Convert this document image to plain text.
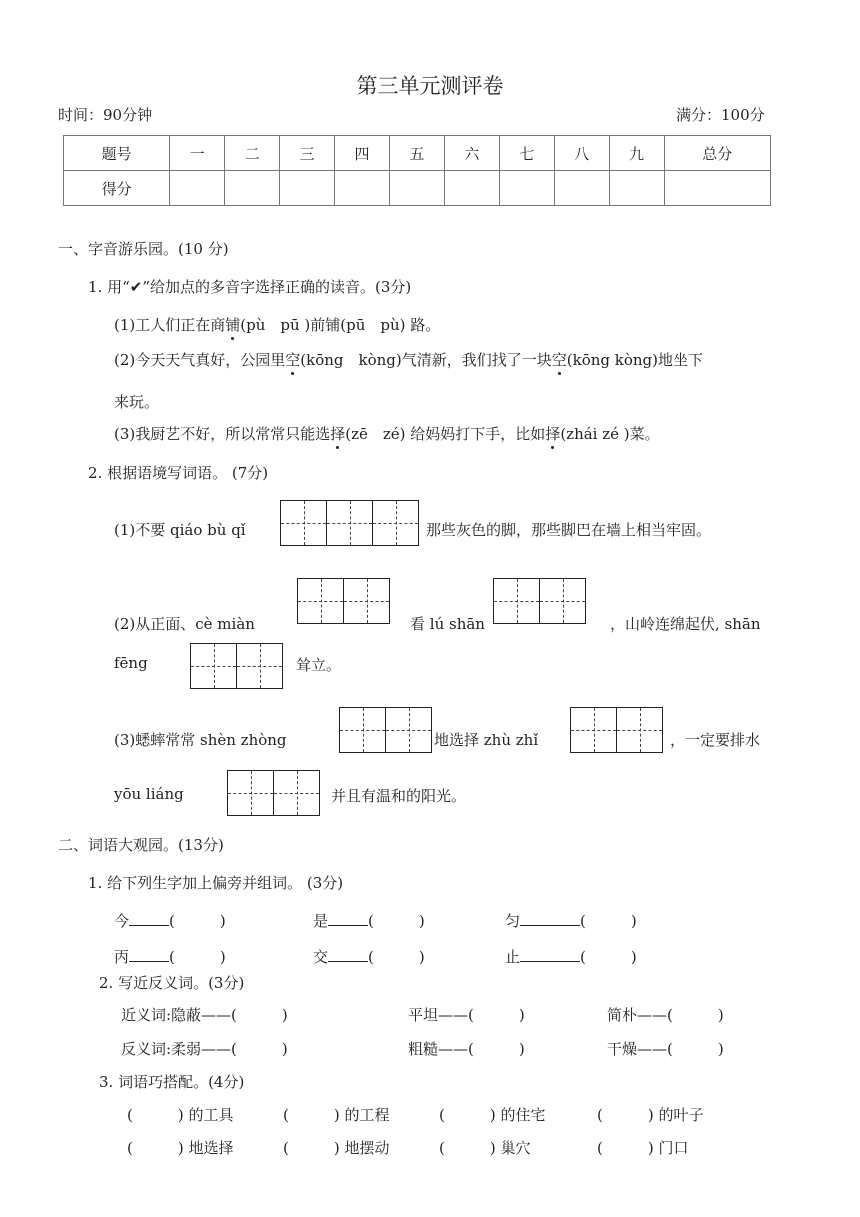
第三单元测评卷
时间：90分钟	满分：100分
题号	一	二	三	四	五	六	七	八	九	总分
得分										
一、字音游乐园。(10 分)
1. 用“✔”给加点的多音字选择正确的读音。(3分)
(1)工人们正在商铺(pù　pū )前铺(pū　pù) 路。
(2)今天天气真好，公园里空(kōng　kòng)气清新，我们找了一块空(kōng kòng)地坐下
来玩。
(3)我厨艺不好，所以常常只能选择(zē　zé) 给妈妈打下手，比如择(zhái zé )菜。
2. 根据语境写词语。 (7分)
(1)不要 qiáo bù qǐ	那些灰色的脚，那些脚巴在墙上相当牢固。
(2)从正面、cè miàn	看 lú shān	，山岭连绵起伏, shān
fēng	耸立。
(3)蟋蟀常常 shèn zhòng	地选择 zhù zhǐ	，一定要排水
yōu liáng	并且有温和的阳光。
二、词语大观园。(13分)
1. 给下列生字加上偏旁并组词。 (3分)
今	(　　　)	是	(　　　)	匀	(　　　)
丙	(　　　)	交	(　　　)	止	(　　　)
2. 写近反义词。(3分)
近义词:隐蔽——(　　　)	平坦——(　　　)	简朴——(　　　)
反义词:柔弱——(　　　)	粗糙——(　　　)	干燥——(　　　)
3. 词语巧搭配。(4分)
(　　　) 的工具	(　　　) 的工程	(　　　) 的住宅	(　　　) 的叶子
(　　　) 地选择	(　　　) 地摆动	(　　　) 巢穴	(　　　) 门口
